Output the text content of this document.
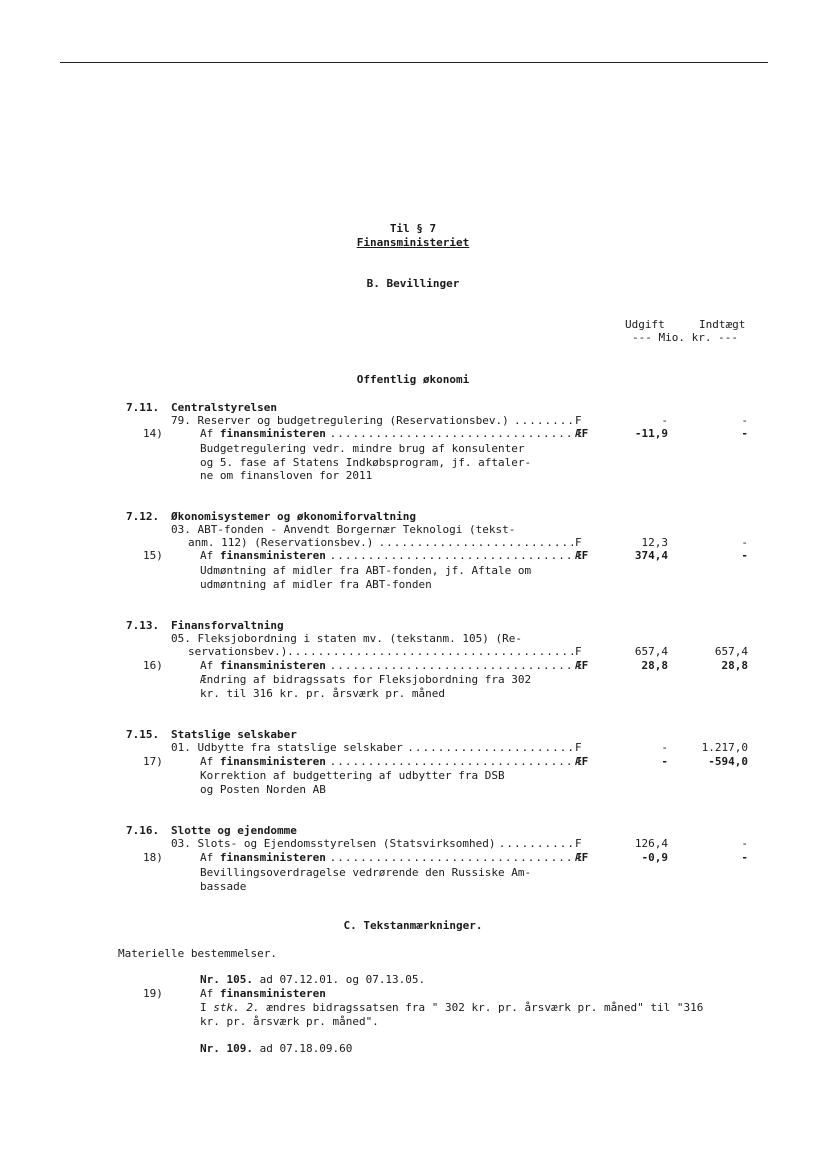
Til § 7
Finansministeriet
B. Bevillinger
Udgift	Indtægt
--- Mio. kr. ---
Offentlig økonomi
7.11. Centralstyrelsen
79. Reserver og budgetregulering (Reservationsbev.) .....	F	-	-
14)	Af finansministeren .....	ÆF	-11,9	-
Budgetregulering vedr. mindre brug af konsulenter
og 5. fase af Statens Indkøbsprogram, jf. aftaler-
ne om finansloven for 2011
7.12. Økonomisystemer og økonomiforvaltning
03. ABT-fonden - Anvendt Borgernær Teknologi (tekst-
anm. 112) (Reservationsbev.) .....	F	12,3	-
15)	Af finansministeren .....	ÆF	374,4	-
Udmøntning af midler fra ABT-fonden, jf. Aftale om
udmøntning af midler fra ABT-fonden
7.13. Finansforvaltning
05. Fleksjobordning i staten mv. (tekstanm. 105) (Re-
servationsbev.) .....	F	657,4	657,4
16)	Af finansministeren .....	ÆF	28,8	28,8
Ændring af bidragssats for Fleksjobordning fra 302
kr. til 316 kr. pr. årsværk pr. måned
7.15. Statslige selskaber
01. Udbytte fra statslige selskaber .....	F	-	1.217,0
17)	Af finansministeren .....	ÆF	-	-594,0
Korrektion af budgettering af udbytter fra DSB
og Posten Norden AB
7.16. Slotte og ejendomme
03. Slots- og Ejendomsstyrelsen (Statsvirksomhed) .....	F	126,4	-
18)	Af finansministeren .....	ÆF	-0,9	-
Bevillingsoverdragelse vedrørende den Russiske Am-
bassade
C. Tekstanmærkninger.
Materielle bestemmelser.
Nr. 105. ad 07.12.01. og 07.13.05.
19)	Af finansministeren
I stk. 2. ændres bidragssatsen fra " 302 kr. pr. årsværk pr. måned" til "316
kr. pr. årsværk pr. måned".
Nr. 109. ad 07.18.09.60
